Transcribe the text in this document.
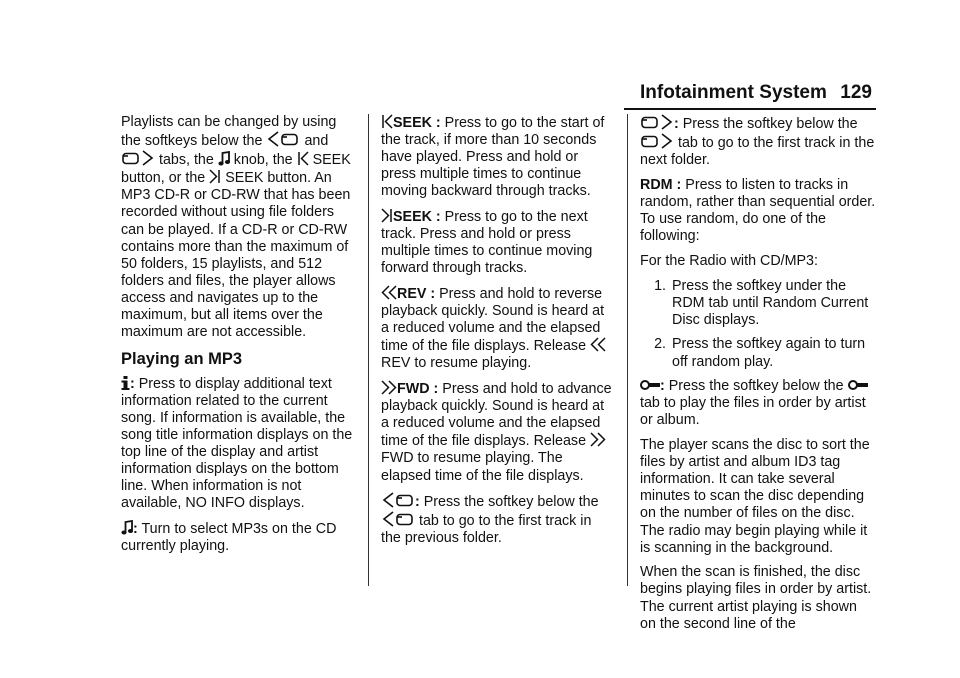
Infotainment System 129

Playlists can be changed by using the softkeys below the	and
tabs, the knob, the SEEK button, or the SEEK button. An MP3 CD-R or CD-RW that has been recorded without using file folders can be played. If a CD-R or CD-RW contains more than the maximum of 50 folders, 15 playlists, and 512 folders and files, the player allows access and navigates up to the maximum, but all items over the maximum are not accessible.

Playing an MP3

: Press to display additional text information related to the current song. If information is available, the song title information displays on the top line of the display and artist information displays on the bottom line. When information is not available, NO INFO displays.

: Turn to select MP3s on the CD currently playing.

SEEK : Press to go to the start of the track, if more than 10 seconds have played. Press and hold or press multiple times to continue moving backward through tracks.

SEEK : Press to go to the next track. Press and hold or press multiple times to continue moving forward through tracks.

REV : Press and hold to reverse playback quickly. Sound is heard at a reduced volume and the elapsed time of the file displays. Release
REV to resume playing.

FWD : Press and hold to advance playback quickly. Sound is heard at a reduced volume and the elapsed time of the file displays. Release
FWD to resume playing. The elapsed time of the file displays.

: Press the softkey below the
tab to go to the first track in the previous folder.

: Press the softkey below the
tab to go to the first track in the next folder.

RDM : Press to listen to tracks in random, rather than sequential order. To use random, do one of the following:

For the Radio with CD/MP3:

1. Press the softkey under the RDM tab until Random Current Disc displays.
2. Press the softkey again to turn off random play.

: Press the softkey below the
tab to play the files in order by artist or album.

The player scans the disc to sort the files by artist and album ID3 tag information. It can take several minutes to scan the disc depending on the number of files on the disc. The radio may begin playing while it is scanning in the background.

When the scan is finished, the disc begins playing files in order by artist. The current artist playing is shown on the second line of the
